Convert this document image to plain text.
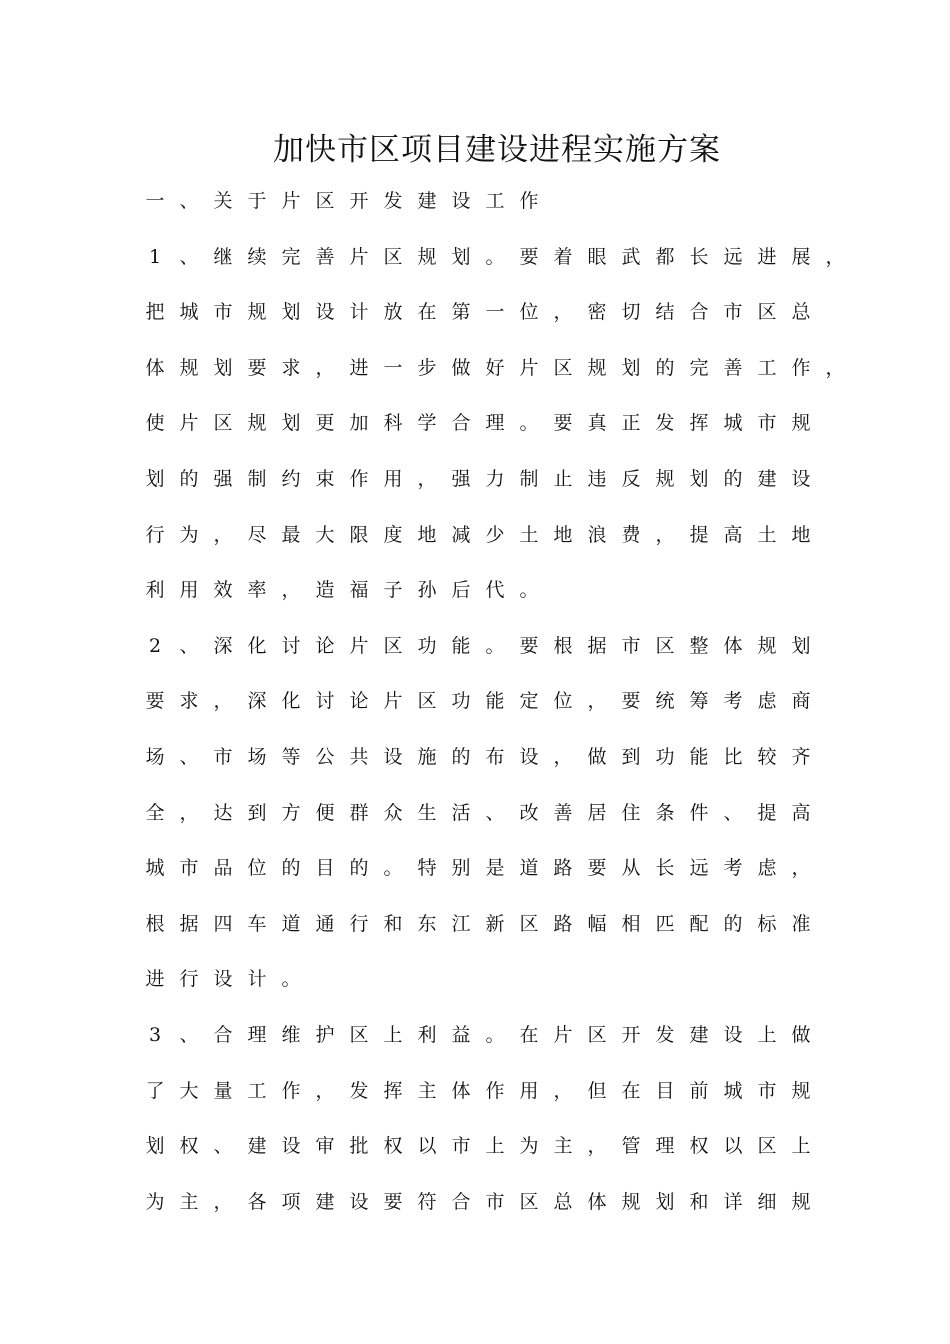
加快市区项目建设进程实施方案
一 、 关 于 片 区 开 发 建 设 工 作
1 、 继 续 完 善 片 区 规 划 。 要 着 眼 武 都 长 远 进 展 ，
把 城 市 规 划 设 计 放 在 第 一 位 ， 密 切 结 合 市 区 总
体 规 划 要 求 ， 进 一 步 做 好 片 区 规 划 的 完 善 工 作 ，
使 片 区 规 划 更 加 科 学 合 理 。 要 真 正 发 挥 城 市 规
划 的 强 制 约 束 作 用 ， 强 力 制 止 违 反 规 划 的 建 设
行 为 ， 尽 最 大 限 度 地 减 少 土 地 浪 费 ， 提 高 土 地
利 用 效 率 ， 造 福 子 孙 后 代 。
2 、 深 化 讨 论 片 区 功 能 。 要 根 据 市 区 整 体 规 划
要 求 ， 深 化 讨 论 片 区 功 能 定 位 ， 要 统 筹 考 虑 商
场 、 市 场 等 公 共 设 施 的 布 设 ， 做 到 功 能 比 较 齐
全 ， 达 到 方 便 群 众 生 活 、 改 善 居 住 条 件 、 提 高
城 市 品 位 的 目 的 。 特 别 是 道 路 要 从 长 远 考 虑 ，
根 据 四 车 道 通 行 和 东 江 新 区 路 幅 相 匹 配 的 标 准
进 行 设 计 。
3 、 合 理 维 护 区 上 利 益 。 在 片 区 开 发 建 设 上 做
了 大 量 工 作 ， 发 挥 主 体 作 用 ， 但 在 目 前 城 市 规
划 权 、 建 设 审 批 权 以 市 上 为 主 ， 管 理 权 以 区 上
为 主 ， 各 项 建 设 要 符 合 市 区 总 体 规 划 和 详 细 规
